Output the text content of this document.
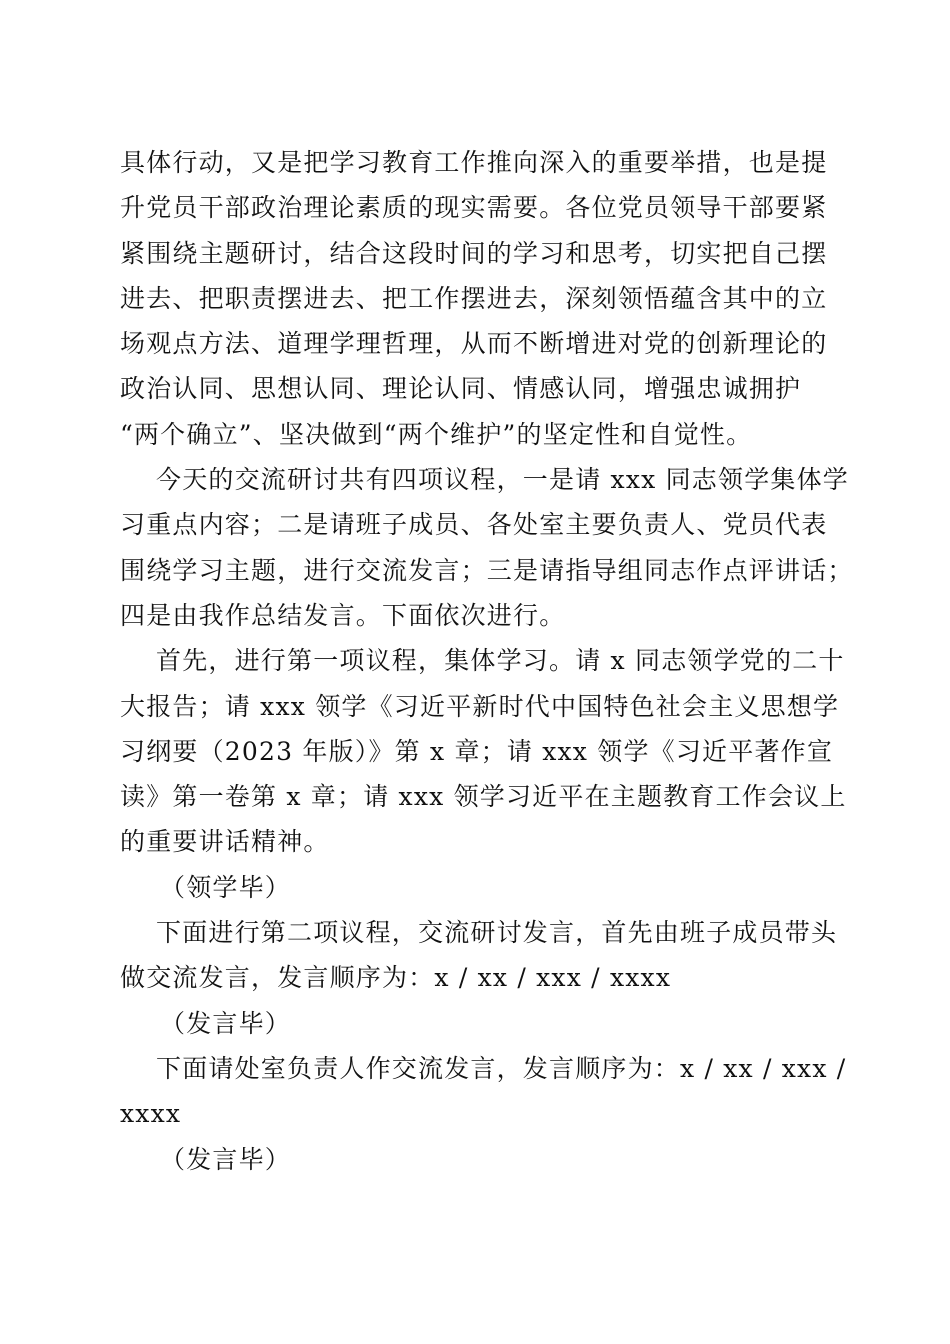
具体行动，又是把学习教育工作推向深入的重要举措，也是提
升党员干部政治理论素质的现实需要。各位党员领导干部要紧
紧围绕主题研讨，结合这段时间的学习和思考，切实把自己摆
进去、把职责摆进去、把工作摆进去，深刻领悟蕴含其中的立
场观点方法、道理学理哲理，从而不断增进对党的创新理论的
政治认同、思想认同、理论认同、情感认同，增强忠诚拥护
“两个确立”、坚决做到“两个维护”的坚定性和自觉性。
今天的交流研讨共有四项议程，一是请 xxx 同志领学集体学
习重点内容；二是请班子成员、各处室主要负责人、党员代表
围绕学习主题，进行交流发言；三是请指导组同志作点评讲话；
四是由我作总结发言。下面依次进行。
首先，进行第一项议程，集体学习。请 x 同志领学党的二十
大报告；请 xxx 领学《习近平新时代中国特色社会主义思想学
习纲要（2023 年版）》第 x 章；请 xxx 领学《习近平著作宣
读》第一卷第 x 章；请 xxx 领学习近平在主题教育工作会议上
的重要讲话精神。
（领学毕）
下面进行第二项议程，交流研讨发言，首先由班子成员带头
做交流发言，发言顺序为：x / xx / xxx / xxxx
（发言毕）
下面请处室负责人作交流发言，发言顺序为：x / xx / xxx /
xxxx
（发言毕）
